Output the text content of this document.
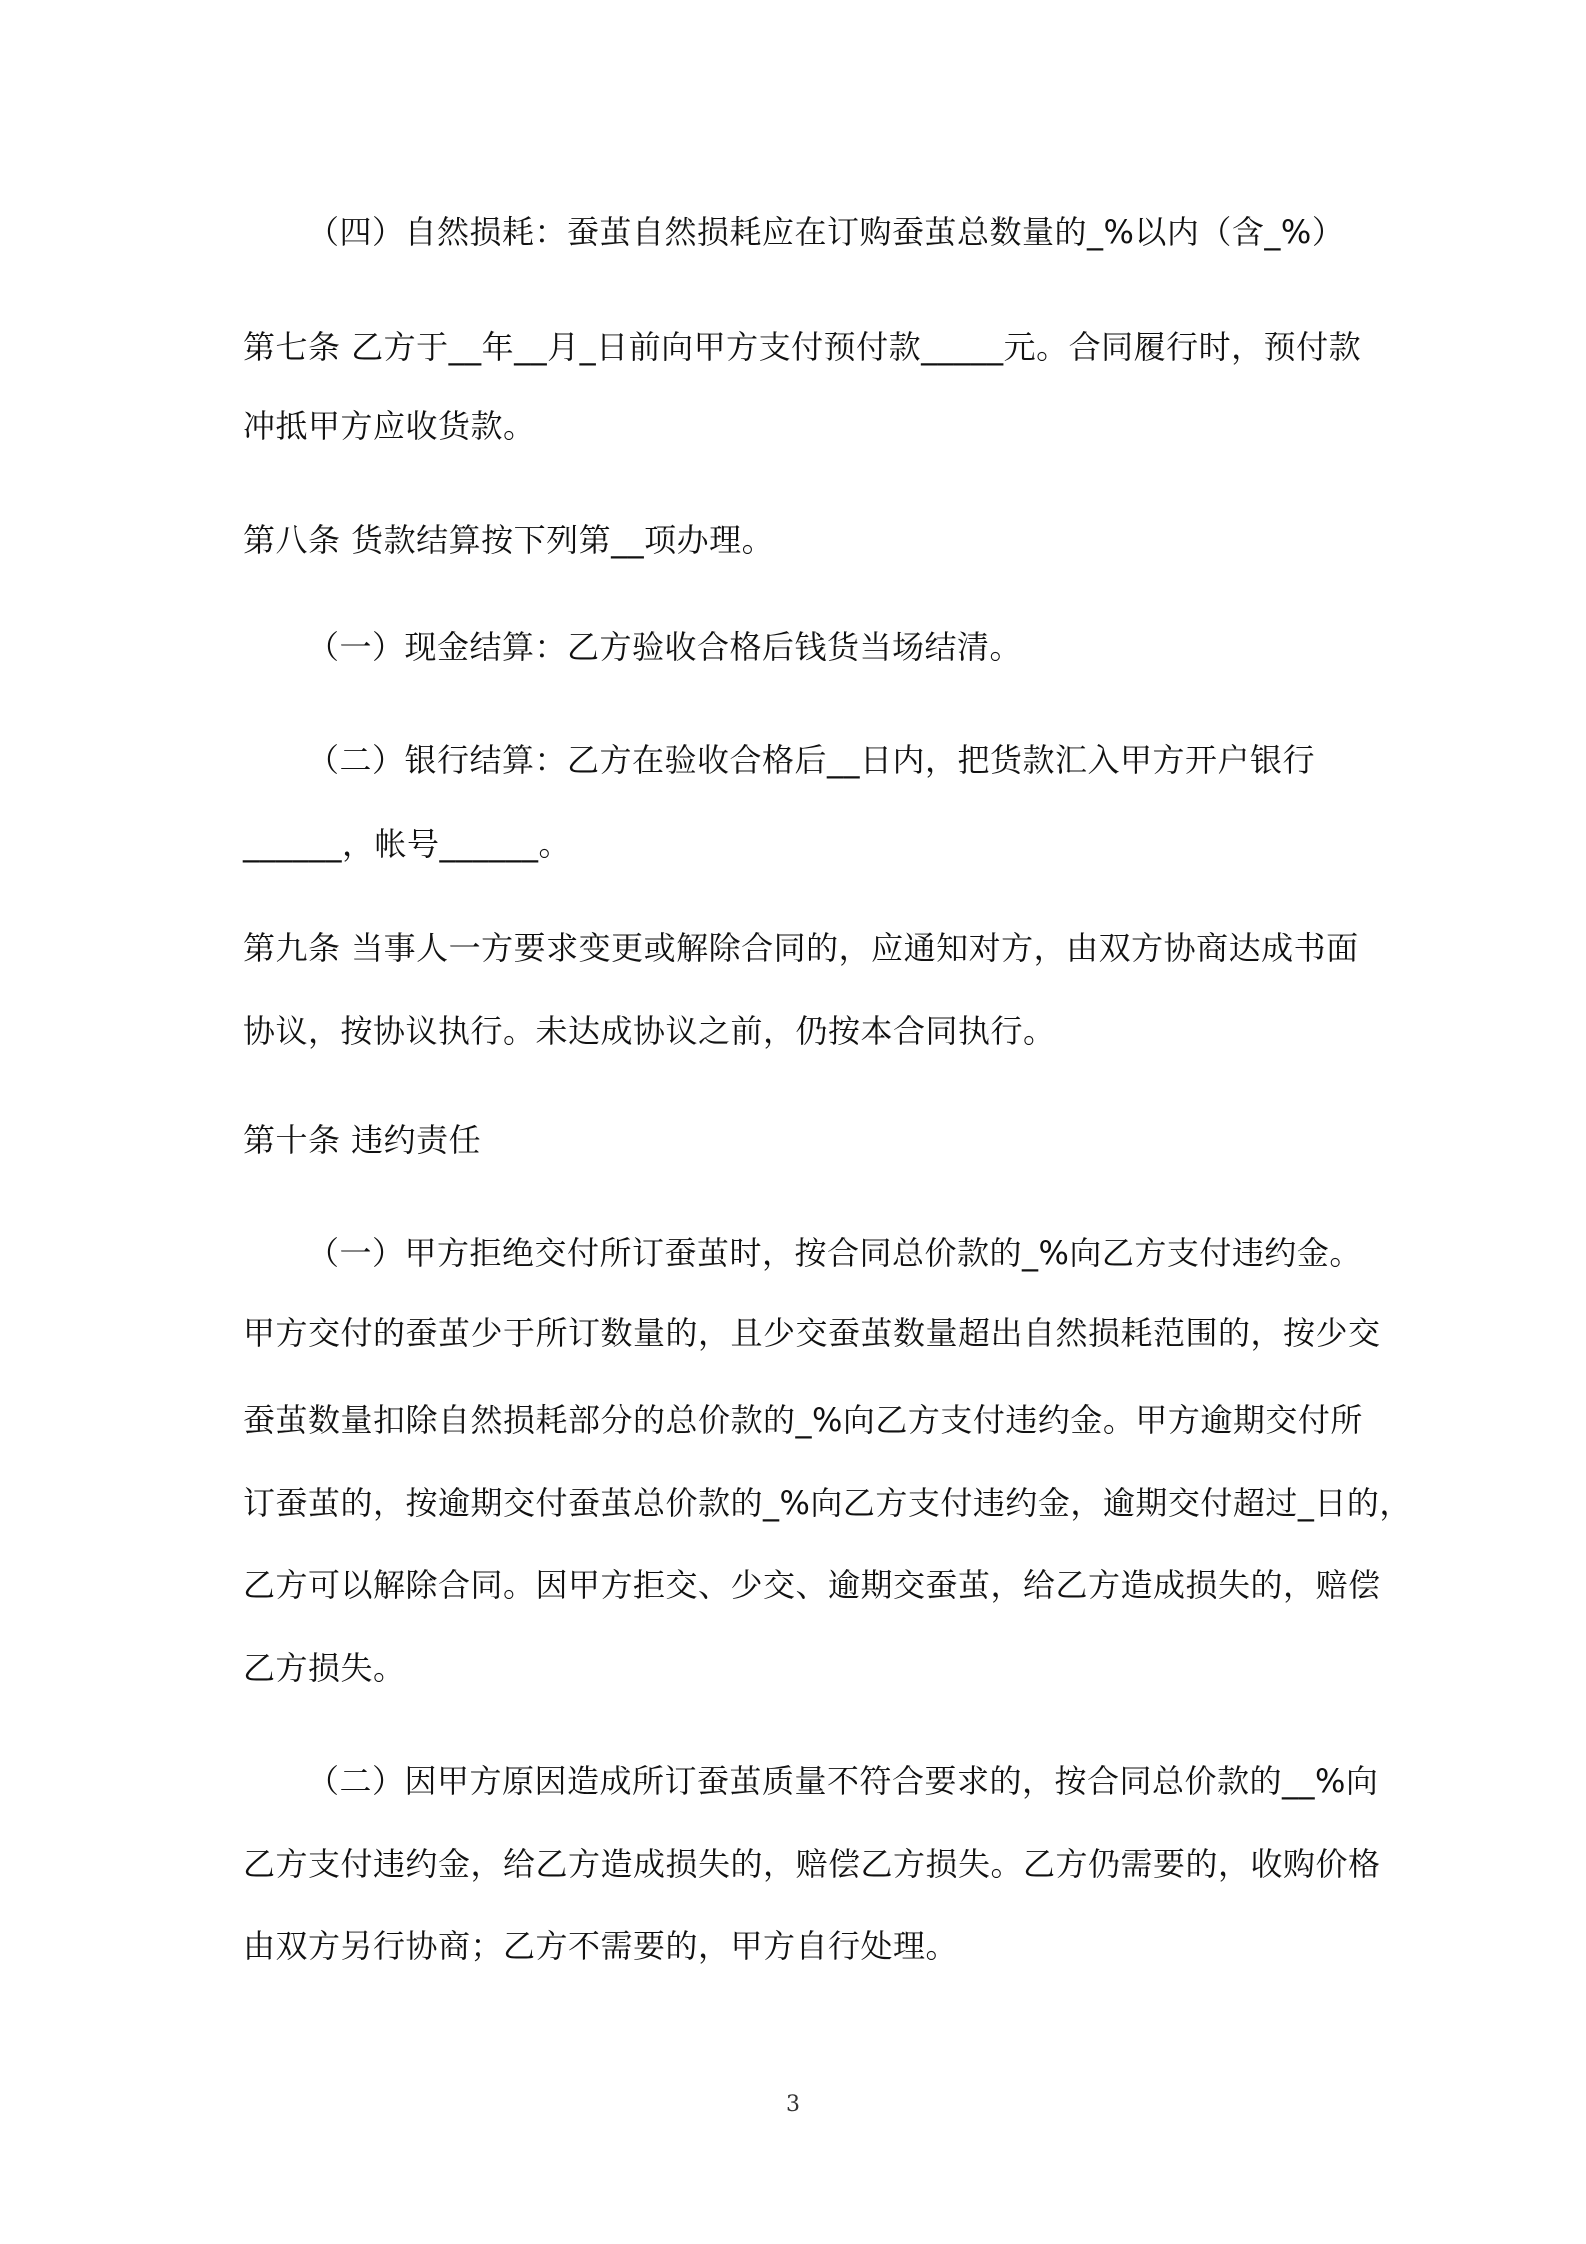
（四）自然损耗：蚕茧自然损耗应在订购蚕茧总数量的_%以内（含_%）
第七条 乙方于__年__月_日前向甲方支付预付款_____元。合同履行时，预付款
冲抵甲方应收货款。
第八条 货款结算按下列第__项办理。
（一）现金结算：乙方验收合格后钱货当场结清。
（二）银行结算：乙方在验收合格后__日内，把货款汇入甲方开户银行
______，帐号______。
第九条 当事人一方要求变更或解除合同的，应通知对方，由双方协商达成书面
协议，按协议执行。未达成协议之前，仍按本合同执行。
第十条 违约责任
（一）甲方拒绝交付所订蚕茧时，按合同总价款的_%向乙方支付违约金。
甲方交付的蚕茧少于所订数量的，且少交蚕茧数量超出自然损耗范围的，按少交
蚕茧数量扣除自然损耗部分的总价款的_%向乙方支付违约金。甲方逾期交付所
订蚕茧的，按逾期交付蚕茧总价款的_%向乙方支付违约金，逾期交付超过_日的，
乙方可以解除合同。因甲方拒交、少交、逾期交蚕茧，给乙方造成损失的，赔偿
乙方损失。
（二）因甲方原因造成所订蚕茧质量不符合要求的，按合同总价款的__%向
乙方支付违约金，给乙方造成损失的，赔偿乙方损失。乙方仍需要的，收购价格
由双方另行协商；乙方不需要的，甲方自行处理。
3
